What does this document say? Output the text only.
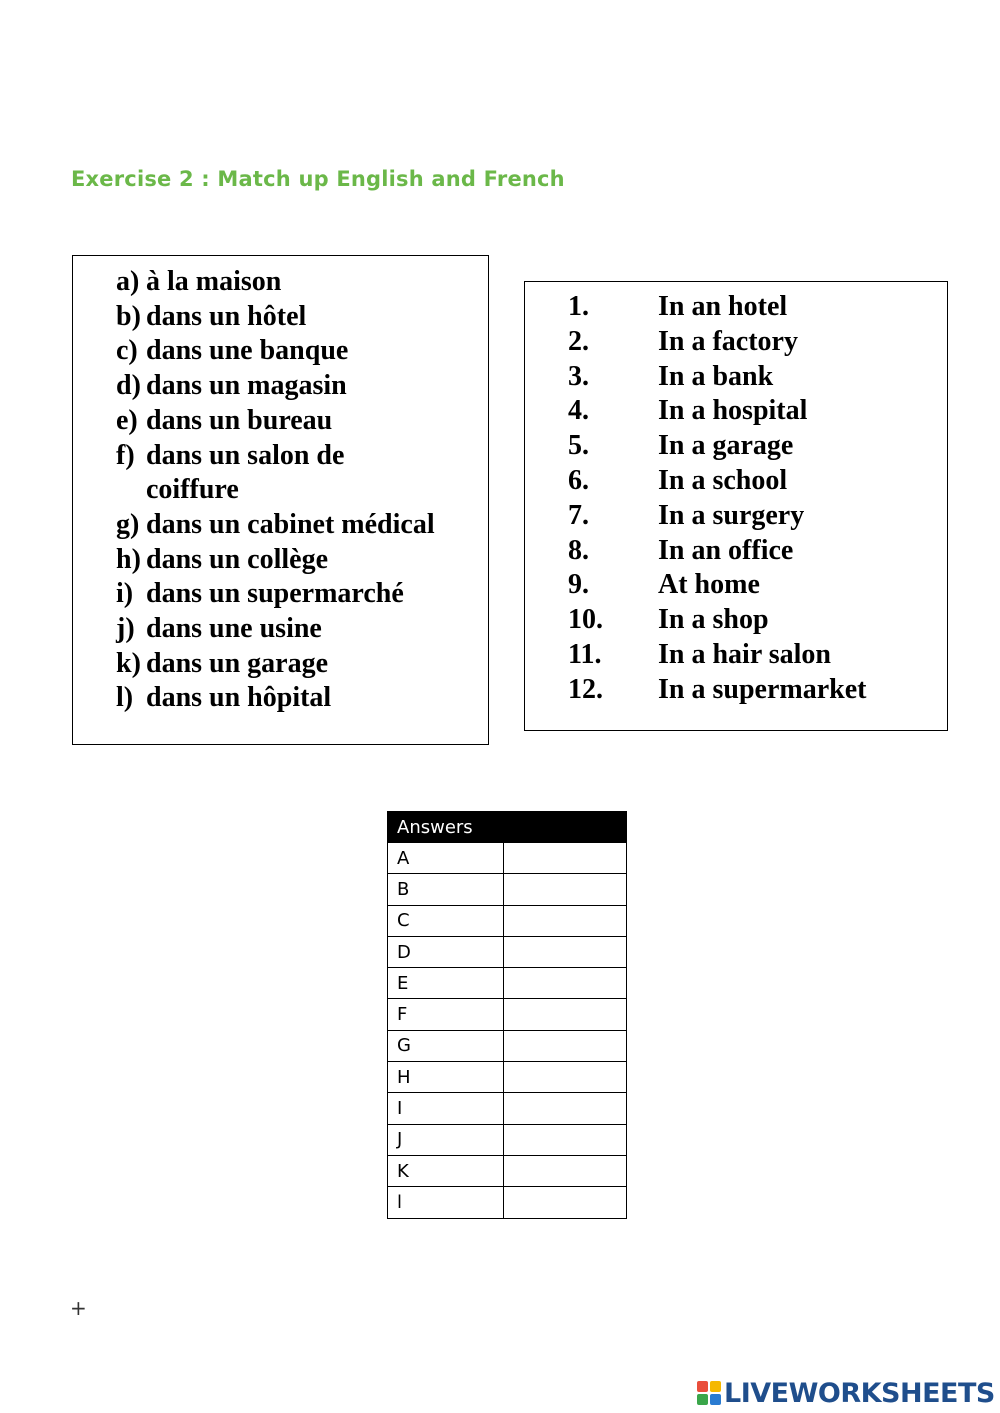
Exercise 2 : Match up English and French
a) à la maison
b) dans un hôtel
c) dans une banque
d) dans un magasin
e) dans un bureau
f) dans un salon de
coiffure
g) dans un cabinet médical
h) dans un collège
i) dans un supermarché
j) dans une usine
k) dans un garage
l) dans un hôpital
1. In an hotel
2. In a factory
3. In a bank
4. In a hospital
5. In a garage
6. In a school
7. In a surgery
8. In an office
9. At home
10. In a shop
11. In a hair salon
12. In a supermarket
Answers	
A	
B	
C	
D	
E	
F	
G	
H	
I	
J	
K	
l	
+
LIVEWORKSHEETS
